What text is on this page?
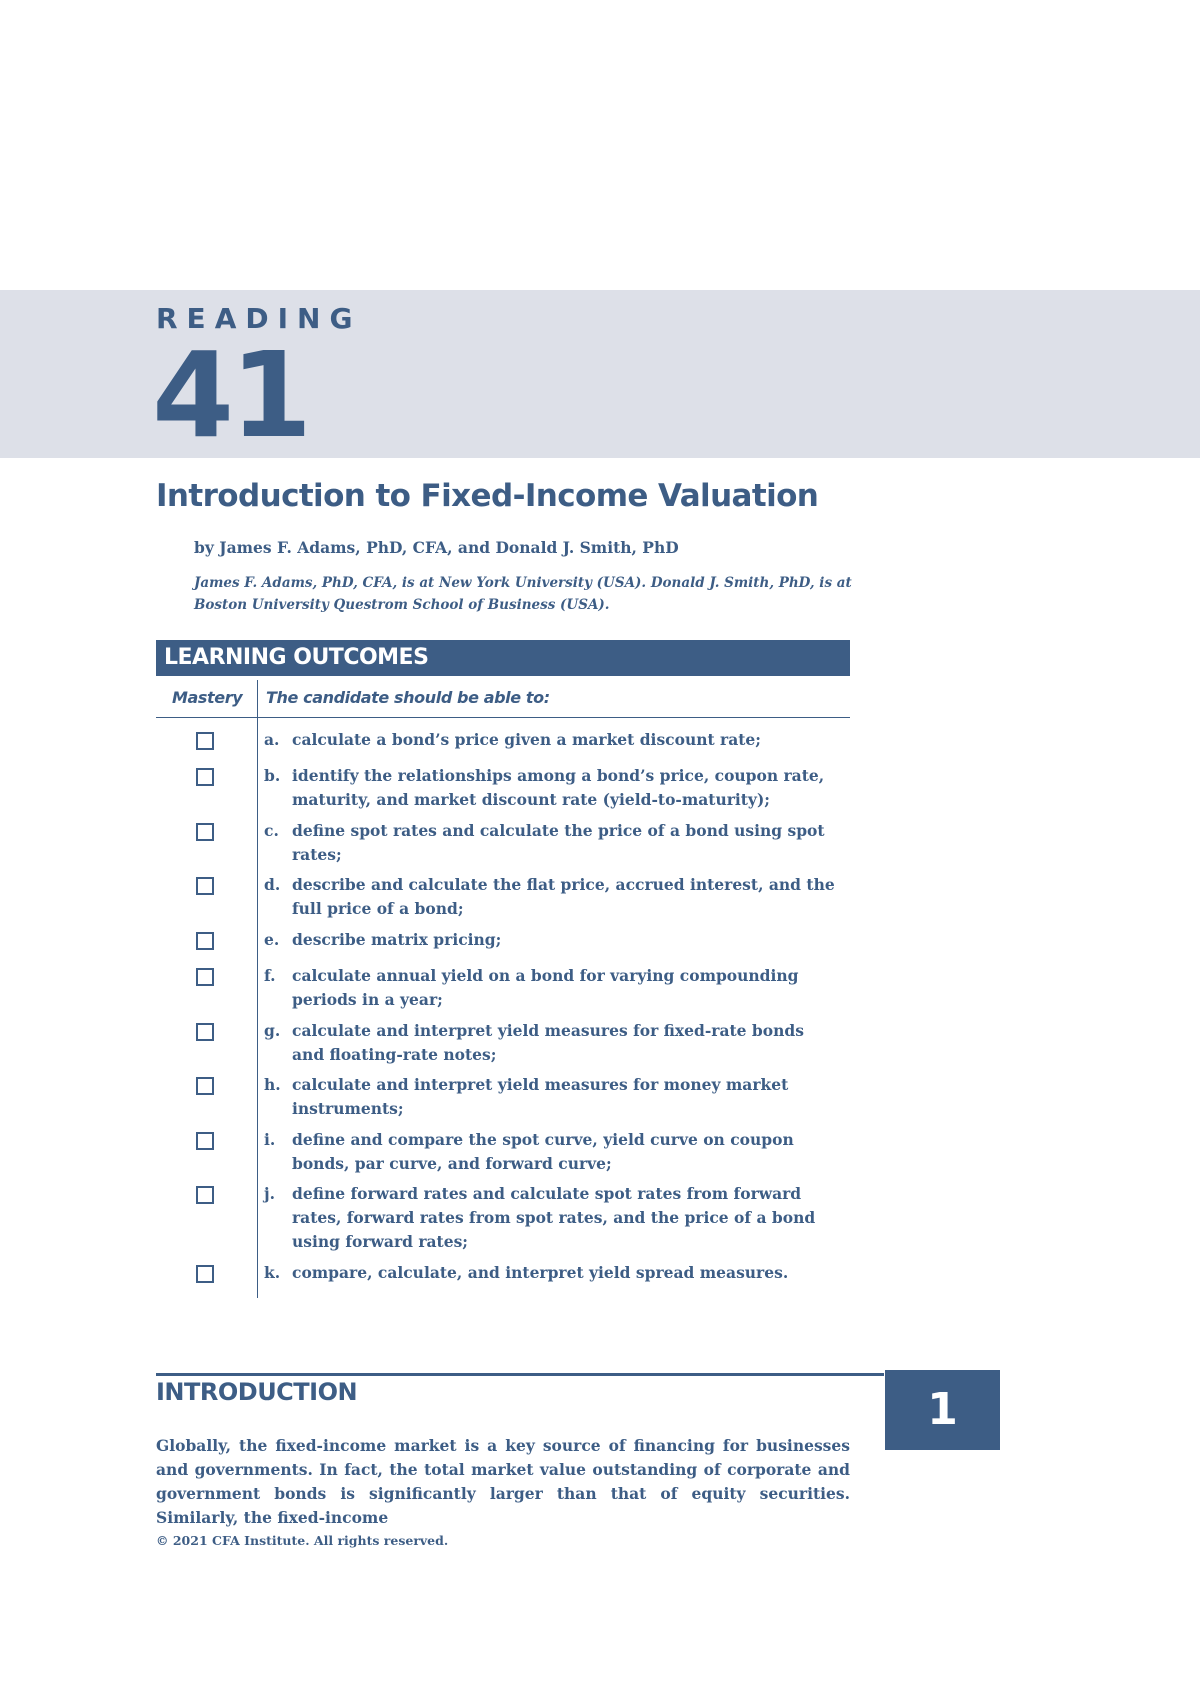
READING
41
Introduction to Fixed-Income Valuation
by James F. Adams, PhD, CFA, and Donald J. Smith, PhD
James F. Adams, PhD, CFA, is at New York University (USA). Donald J. Smith, PhD, is at Boston University Questrom School of Business (USA).
LEARNING OUTCOMES
Mastery The candidate should be able to:
a. calculate a bond’s price given a market discount rate;
b. identify the relationships among a bond’s price, coupon rate, maturity, and market discount rate (yield-to-maturity);
c. define spot rates and calculate the price of a bond using spot rates;
d. describe and calculate the flat price, accrued interest, and the full price of a bond;
e. describe matrix pricing;
f. calculate annual yield on a bond for varying compounding periods in a year;
g. calculate and interpret yield measures for fixed-rate bonds and floating-rate notes;
h. calculate and interpret yield measures for money market instruments;
i. define and compare the spot curve, yield curve on coupon bonds, par curve, and forward curve;
j. define forward rates and calculate spot rates from forward rates, forward rates from spot rates, and the price of a bond using forward rates;
k. compare, calculate, and interpret yield spread measures.
INTRODUCTION	1
Globally, the fixed-income market is a key source of financing for businesses and governments. In fact, the total market value outstanding of corporate and government bonds is significantly larger than that of equity securities. Similarly, the fixed-income
© 2021 CFA Institute. All rights reserved.
